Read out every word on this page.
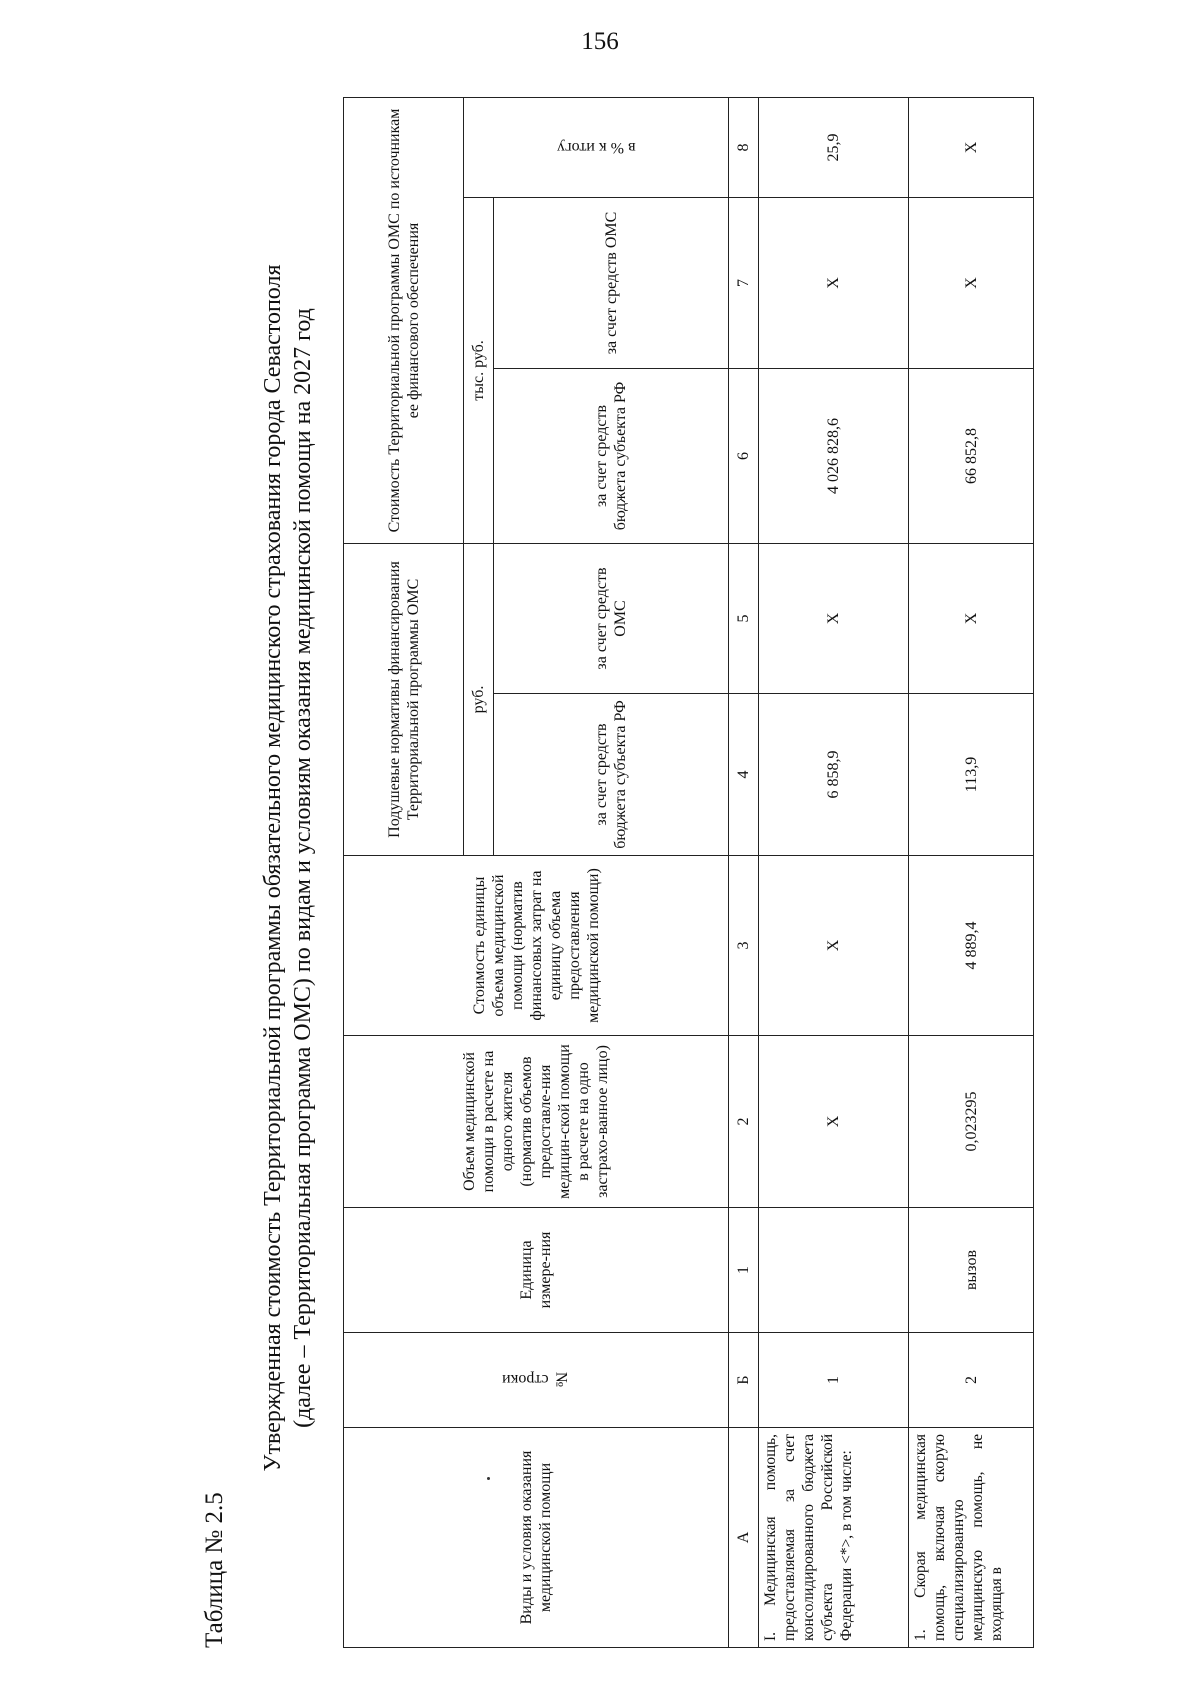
156
Таблица № 2.5
Утвержденная стоимость Территориальной программы обязательного медицинского страхования города Севастополя (далее – Территориальная программа ОМС) по видам и условиям оказания медицинской помощи на 2027 год
Виды и условия оказания медицинской помощи	№ строки	Единица измере-ния	Объем медицинской помощи в расчете на одного жителя (норматив объемов предоставле-ния медицин-ской помощи в расчете на одно застрахо-ванное лицо)	Стоимость единицы объема медицинской помощи (норматив финансовых затрат на единицу объема предоставления медицинской помощи)	Подушевые нормативы финансирования Территориальной программы ОМС		Стоимость Территориальной программы ОМС по источникам ее финансового обеспечения		
					руб.		тыс. руб.		в % к итогу

					за счет средств бюджета субъекта РФ	за счет средств ОМС	за счет средств бюджета субъекта РФ	за счет средств ОМС	
А	Б	1	2	3	4	5	6	7	8
I. Медицинская помощь, предоставляемая за счет консолидированного бюджета субъекта Российской Федерации <*>, в том числе:	1		X	X	6 858,9	X	4 026 828,6	X	25,9
1. Скорая медицинская помощь, включая скорую специализированную медицинскую помощь, не входящая в	2	вызов	0,023295	4 889,4	113,9	X	66 852,8	X	X
